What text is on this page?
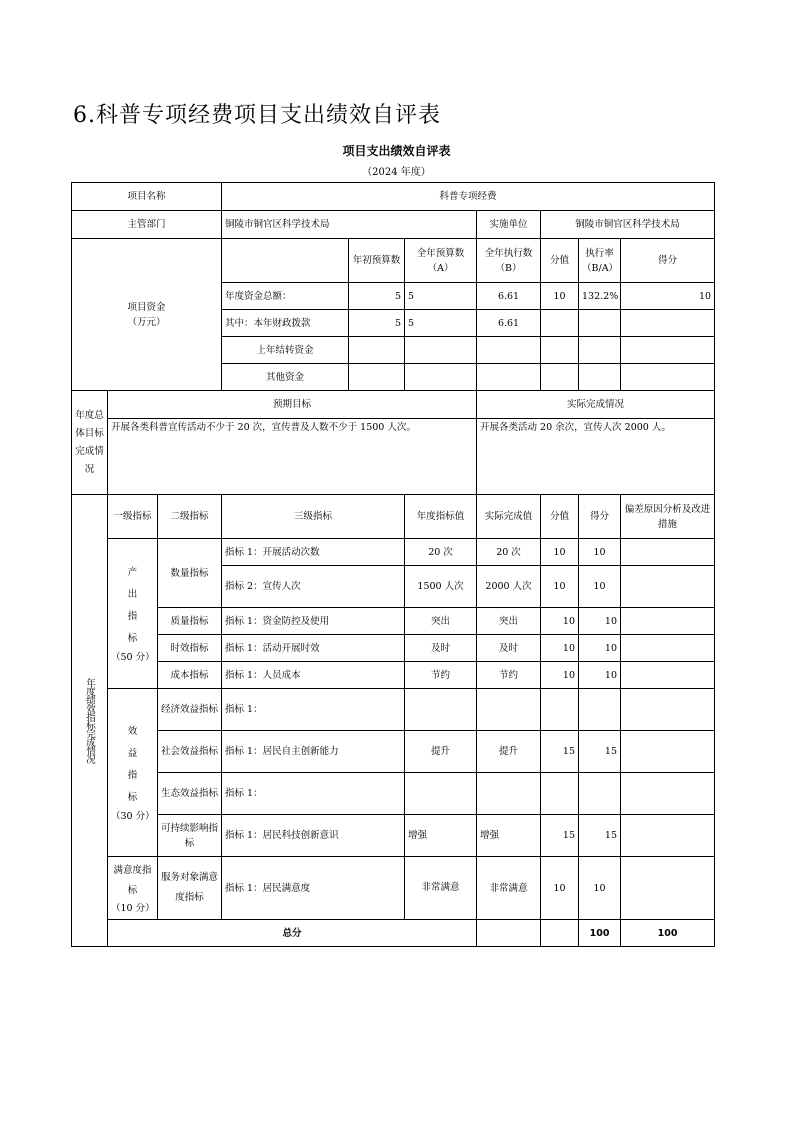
6.科普专项经费项目支出绩效自评表
项目支出绩效自评表
（2024 年度）
项目名称			科普专项经费							
主管部门			铜陵市铜官区科学技术局			实施单位	铜陵市铜官区科学技术局			

项目资金
（万元）				年初预算数	全年预算数（A）	全年执行数（B）	分值	执行率（B/A）	得分	
			年度资金总额：	5	5	6.61	10	132.2%	10	
			其中：本年财政拨款	5	5	6.61				
			上年结转资金							
			其他资金							

年度总体目标完成情况	预期目标					实际完成情况				
	开展各类科普宣传活动不少于 20 次，宣传普及人数不少于 1500 人次。					开展各类活动 20 余次，宣传人次 2000 人。				

年度绩效指标完成情况	一级指标	二级指标	三级指标		年度指标值	实际完成值	分值	得分	偏差原因分析及改进措施	

	产出指标
（50 分）	数量指标	指标 1：开展活动次数		20 次	20 次	10	10		
			指标 2：宣传人次		1500 人次	2000 人次	10	10		
		质量指标	指标 1：资金防控及使用		突出	突出	10	10		
		时效指标	指标 1：活动开展时效		及时	及时	10	10		
		成本指标	指标 1：人员成本		节约	节约	10	10		

	效益指标
（30 分）	经济效益指标	指标 1：							
		社会效益指标	指标 1：居民自主创新能力		提升	提升	15	15		
		生态效益指标	指标 1：							
		可持续影响指标	指标 1：居民科技创新意识		增强	增强	15	15		

	满意度指标
（10 分）	服务对象满意度指标	指标 1：居民满意度		非常满意	非常满意	10	10		
	总分							100	100	
